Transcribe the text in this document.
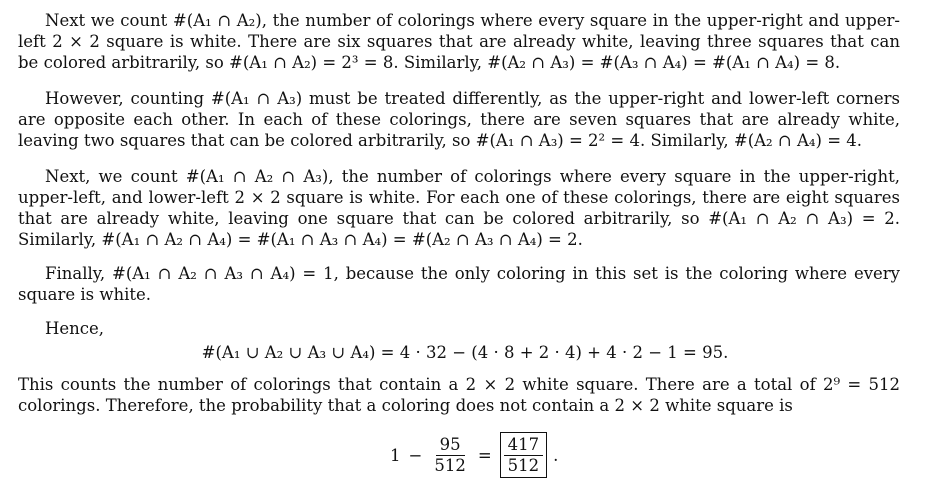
Next we count #(A₁ ∩ A₂), the number of colorings where every square in the upper-right and upper-left 2 × 2 square is white. There are six squares that are already white, leaving three squares that can be colored arbitrarily, so #(A₁ ∩ A₂) = 2³ = 8. Similarly, #(A₂ ∩ A₃) = #(A₃ ∩ A₄) = #(A₁ ∩ A₄) = 8.

However, counting #(A₁ ∩ A₃) must be treated differently, as the upper-right and lower-left corners are opposite each other. In each of these colorings, there are seven squares that are already white, leaving two squares that can be colored arbitrarily, so #(A₁ ∩ A₃) = 2² = 4. Similarly, #(A₂ ∩ A₄) = 4.

Next, we count #(A₁ ∩ A₂ ∩ A₃), the number of colorings where every square in the upper-right, upper-left, and lower-left 2 × 2 square is white. For each one of these colorings, there are eight squares that are already white, leaving one square that can be colored arbitrarily, so #(A₁ ∩ A₂ ∩ A₃) = 2. Similarly, #(A₁ ∩ A₂ ∩ A₄) = #(A₁ ∩ A₃ ∩ A₄) = #(A₂ ∩ A₃ ∩ A₄) = 2.

Finally, #(A₁ ∩ A₂ ∩ A₃ ∩ A₄) = 1, because the only coloring in this set is the coloring where every square is white.

Hence,

#(A₁ ∪ A₂ ∪ A₃ ∪ A₄) = 4 · 32 − (4 · 8 + 2 · 4) + 4 · 2 − 1 = 95.

This counts the number of colorings that contain a 2 × 2 white square. There are a total of 2⁹ = 512 colorings. Therefore, the probability that a coloring does not contain a 2 × 2 white square is

$1 - \frac{95}{512} = \frac{417}{512}$ .
